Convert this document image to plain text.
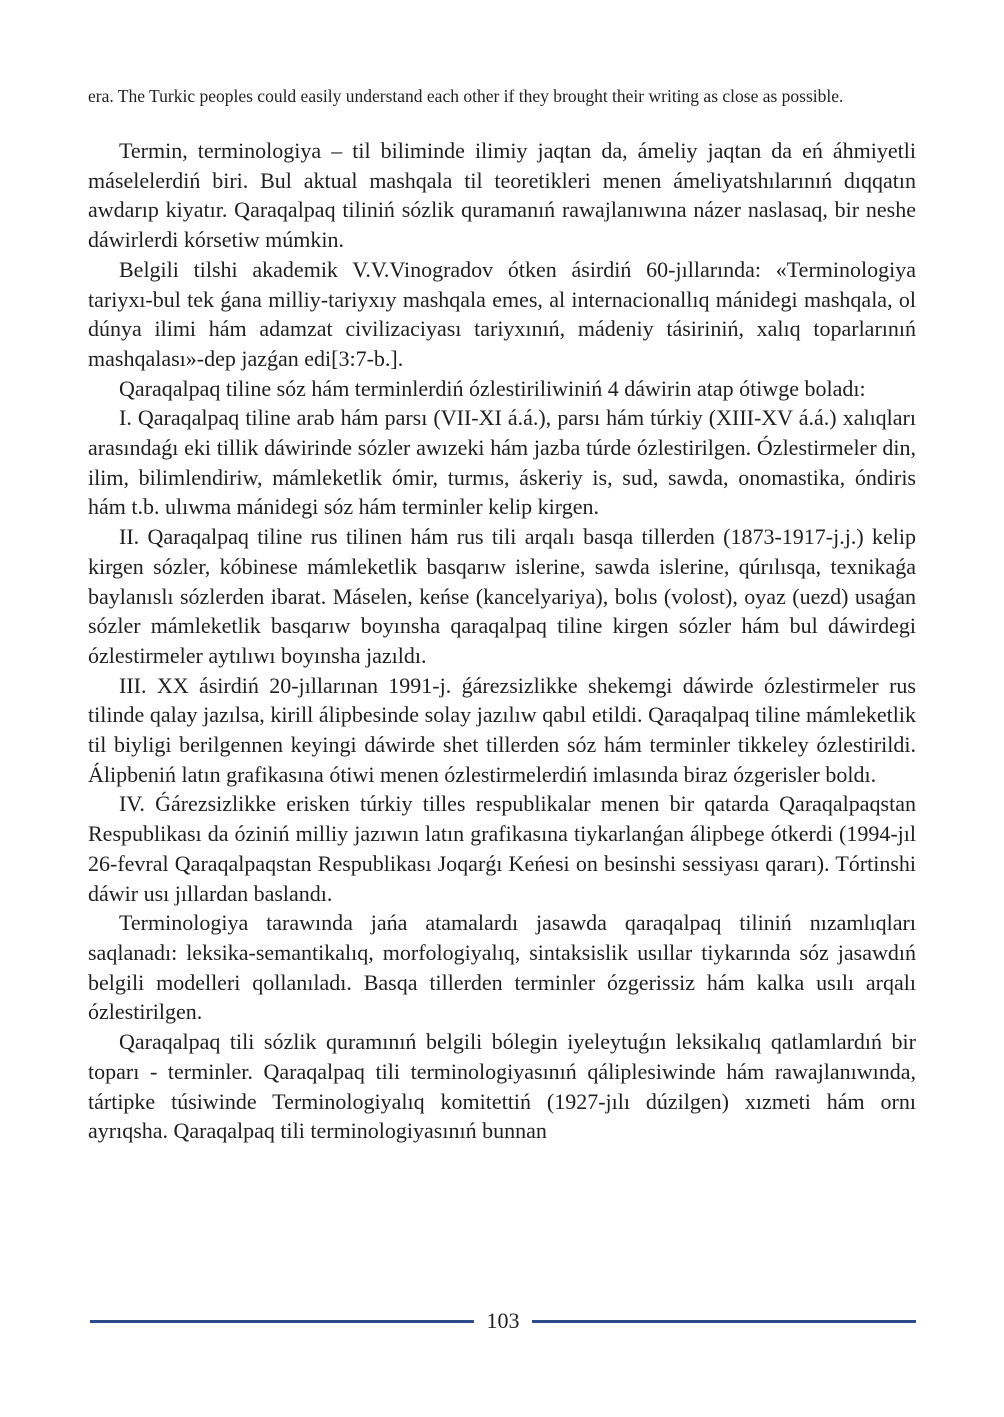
era. The Turkic peoples could easily understand each other if they brought their writing as close as possible.

Termin, terminologiya – til biliminde ilimiy jaqtan da, ámeliy jaqtan da eń áhmiyetli máselelerdiń biri. Bul aktual mashqala til teoretikleri menen ámeliyatshılarınıń dıqqatın awdarıp kiyatır. Qaraqalpaq tiliniń sózlik quramanıń rawajlanıwına názer naslasaq, bir neshe dáwirlerdi kórsetiw múmkin.

Belgili tilshi akademik V.V.Vinogradov ótken ásirdiń 60-jıllarında: «Terminologiya tariyxı-bul tek ǵana milliy-tariyxıy mashqala emes, al internacionallıq mánidegi mashqala, ol dúnya ilimi hám adamzat civilizaciyası tariyxınıń, mádeniy tásiriniń, xalıq toparlarınıń mashqalası»-dep jazǵan edi[3:7-b.].

Qaraqalpaq tiline sóz hám terminlerdiń ózlestiriliwiniń 4 dáwirin atap ótiwge boladı:

I. Qaraqalpaq tiline arab hám parsı (VII-XI á.á.), parsı hám túrkiy (XIII-XV á.á.) xalıqları arasındaǵı eki tillik dáwirinde sózler awızeki hám jazba túrde ózlestirilgen. Ózlestirmeler din, ilim, bilimlendiriw, mámleketlik ómir, turmıs, áskeriy is, sud, sawda, onomastika, óndiris hám t.b. ulıwma mánidegi sóz hám terminler kelip kirgen.

II. Qaraqalpaq tiline rus tilinen hám rus tili arqalı basqa tillerden (1873-1917-j.j.) kelip kirgen sózler, kóbinese mámleketlik basqarıw islerine, sawda islerine, qúrılısqa, texnikaǵa baylanıslı sózlerden ibarat. Máselen, keńse (kancelyariya), bolıs (volost), oyaz (uezd) usaǵan sózler mámleketlik basqarıw boyınsha qaraqalpaq tiline kirgen sózler hám bul dáwirdegi ózlestirmeler aytılıwı boyınsha jazıldı.

III. XX ásirdiń 20-jıllarınan 1991-j. ǵárezsizlikke shekemgi dáwirde ózlestirmeler rus tilinde qalay jazılsa, kirill álipbesinde solay jazılıw qabıl etildi. Qaraqalpaq tiline mámleketlik til biyligi berilgennen keyingi dáwirde shet tillerden sóz hám terminler tikkeley ózlestirildi. Álipbeniń latın grafikasına ótiwi menen ózlestirmelerdiń imlasında biraz ózgerisler boldı.

IV. Ǵárezsizlikke erisken túrkiy tilles respublikalar menen bir qatarda Qaraqalpaqstan Respublikası da óziniń milliy jazıwın latın grafikasına tiykarlanǵan álipbege ótkerdi (1994-jıl 26-fevral Qaraqalpaqstan Respublikası Joqarǵı Keńesi on besinshi sessiyası qararı). Tórtinshi dáwir usı jıllardan baslandı.

Terminologiya tarawında jańa atamalardı jasawda qaraqalpaq tiliniń nızamlıqları saqlanadı: leksika-semantikalıq, morfologiyalıq, sintaksislik usıllar tiykarında sóz jasawdıń belgili modelleri qollanıladı. Basqa tillerden terminler ózgerissiz hám kalka usılı arqalı ózlestirilgen.

Qaraqalpaq tili sózlik quramınıń belgili bólegin iyeleytuǵın leksikalıq qatlamlardıń bir toparı - terminler. Qaraqalpaq tili terminologiyasınıń qáliplesiwinde hám rawajlanıwında, tártipke túsiwinde Terminologiyalıq komitettiń (1927-jılı dúzilgen) xızmeti hám ornı ayrıqsha. Qaraqalpaq tili terminologiyasınıń bunnan

103
